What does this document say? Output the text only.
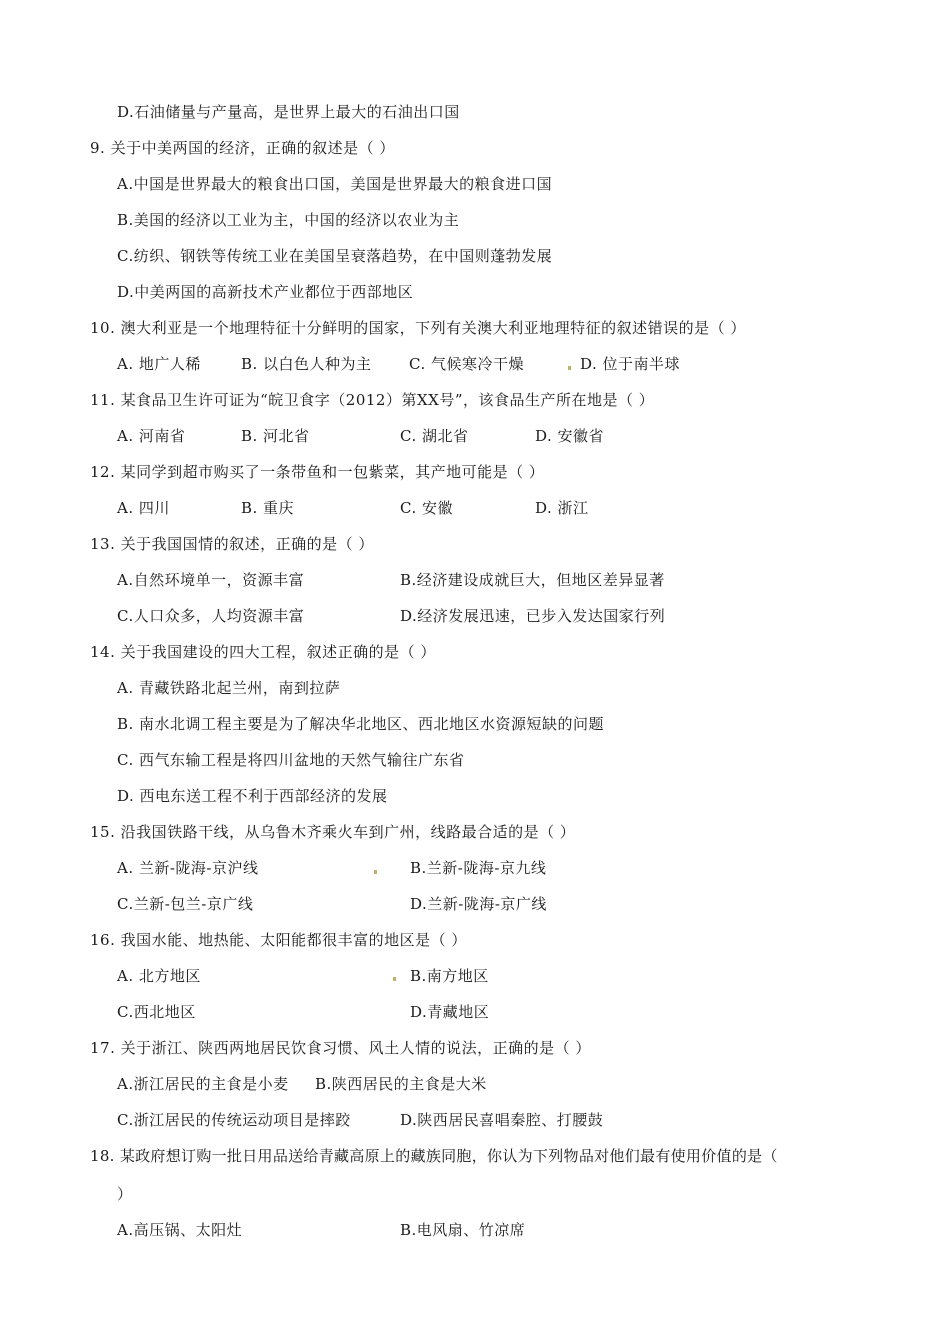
D.石油储量与产量高，是世界上最大的石油出口国
9. 关于中美两国的经济，正确的叙述是（ ）
A.中国是世界最大的粮食出口国，美国是世界最大的粮食进口国
B.美国的经济以工业为主，中国的经济以农业为主
C.纺织、钢铁等传统工业在美国呈衰落趋势，在中国则蓬勃发展
D.中美两国的高新技术产业都位于西部地区
10. 澳大利亚是一个地理特征十分鲜明的国家，下列有关澳大利亚地理特征的叙述错误的是（ ）
A. 地广人稀	B. 以白色人种为主 C. 气候寒冷干燥	D. 位于南半球
11. 某食品卫生许可证为“皖卫食字（2012）第XX号”，该食品生产所在地是（ ）
A. 河南省	B. 河北省	C. 湖北省	D. 安徽省
12. 某同学到超市购买了一条带鱼和一包紫菜，其产地可能是（ ）
A. 四川	B. 重庆	C. 安徽	D. 浙江
13. 关于我国国情的叙述，正确的是（ ）
A.自然环境单一，资源丰富	B.经济建设成就巨大，但地区差异显著
C.人口众多，人均资源丰富	D.经济发展迅速，已步入发达国家行列
14. 关于我国建设的四大工程，叙述正确的是（ ）
A. 青藏铁路北起兰州，南到拉萨
B. 南水北调工程主要是为了解决华北地区、西北地区水资源短缺的问题
C. 西气东输工程是将四川盆地的天然气输往广东省
D. 西电东送工程不利于西部经济的发展
15. 沿我国铁路干线，从乌鲁木齐乘火车到广州，线路最合适的是（ ）
A. 兰新-陇海-京沪线	B.兰新-陇海-京九线
C.兰新-包兰-京广线	D.兰新-陇海-京广线
16. 我国水能、地热能、太阳能都很丰富的地区是（ ）
A. 北方地区	B.南方地区
C.西北地区	D.青藏地区
17. 关于浙江、陕西两地居民饮食习惯、风土人情的说法，正确的是（ ）
A.浙江居民的主食是小麦 B.陕西居民的主食是大米
C.浙江居民的传统运动项目是摔跤	D.陕西居民喜唱秦腔、打腰鼓
18. 某政府想订购一批日用品送给青藏高原上的藏族同胞，你认为下列物品对他们最有使用价值的是（
）
A.高压锅、太阳灶	B.电风扇、竹凉席
